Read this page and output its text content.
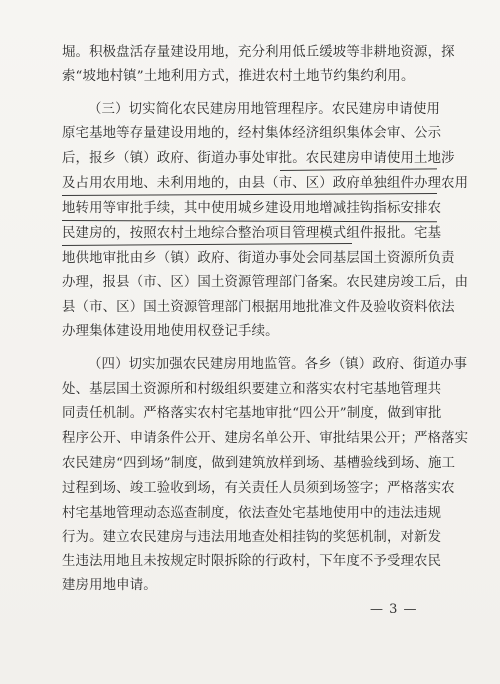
堀。积极盘活存量建设用地，充分利用低丘缓坡等非耕地资源，探

索“坡地村镇”土地利用方式，推进农村土地节约集约利用。

（三）切实简化农民建房用地管理程序。农民建房申请使用

原宅基地等存量建设用地的，经村集体经济组织集体会审、公示

后，报乡（镇）政府、街道办事处审批。农民建房申请使用土地涉

及占用农用地、未利用地的，由县（市、区）政府单独组件办理农用

地转用等审批手续，其中使用城乡建设用地增减挂钩指标安排农

民建房的，按照农村土地综合整治项目管理模式组件报批。宅基

地供地审批由乡（镇）政府、街道办事处会同基层国土资源所负责

办理，报县（市、区）国土资源管理部门备案。农民建房竣工后，由

县（市、区）国土资源管理部门根据用地批准文件及验收资料依法

办理集体建设用地使用权登记手续。

（四）切实加强农民建房用地监管。各乡（镇）政府、街道办事

处、基层国土资源所和村级组织要建立和落实农村宅基地管理共

同责任机制。严格落实农村宅基地审批“四公开”制度，做到审批

程序公开、申请条件公开、建房名单公开、审批结果公开；严格落实

农民建房“四到场”制度，做到建筑放样到场、基槽验线到场、施工

过程到场、竣工验收到场，有关责任人员须到场签字；严格落实农

村宅基地管理动态巡查制度，依法查处宅基地使用中的违法违规

行为。建立农民建房与违法用地查处相挂钩的奖惩机制，对新发

生违法用地且未按规定时限拆除的行政村，下年度不予受理农民

建房用地申请。

— 3 —
